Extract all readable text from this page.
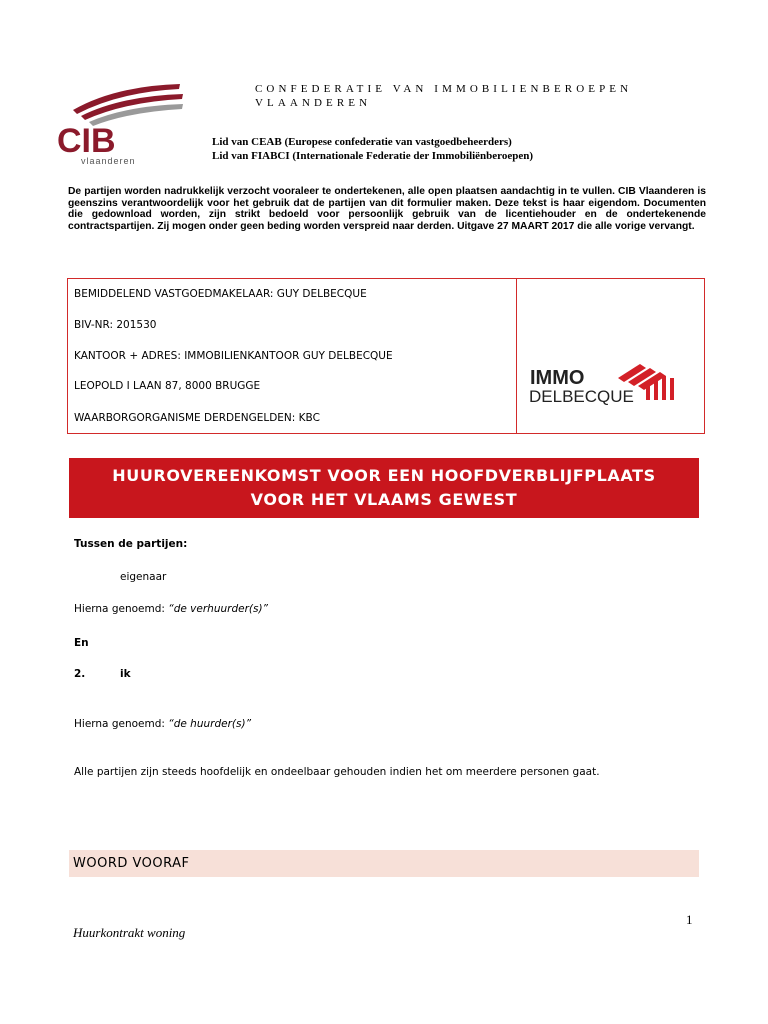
CIB
vlaanderen
CONFEDERATIE VAN IMMOBILIENBEROEPEN
VLAANDEREN
Lid van CEAB (Europese confederatie van vastgoedbeheerders)
Lid van FIABCI (Internationale Federatie der Immobiliënberoepen)
De partijen worden nadrukkelijk verzocht vooraleer te ondertekenen, alle open plaatsen aandachtig in te vullen. CIB Vlaanderen is geenszins verantwoordelijk voor het gebruik dat de partijen van dit formulier maken. Deze tekst is haar eigendom. Documenten die gedownload worden, zijn strikt bedoeld voor persoonlijk gebruik van de licentiehouder en de ondertekenende contractspartijen. Zij mogen onder geen beding worden verspreid naar derden. Uitgave 27 MAART 2017 die alle vorige vervangt.
BEMIDDELEND VASTGOEDMAKELAAR: GUY DELBECQUE
BIV-NR: 201530
KANTOOR + ADRES: IMMOBILIENKANTOOR GUY DELBECQUE
LEOPOLD I LAAN 87, 8000 BRUGGE
WAARBORGORGANISME DERDENGELDEN: KBC
IMMO
DELBECQUE
HUUROVEREENKOMST VOOR EEN HOOFDVERBLIJFPLAATS
VOOR HET VLAAMS GEWEST
Tussen de partijen:
eigenaar
Hierna genoemd: “de verhuurder(s)”
En
2.	ik
Hierna genoemd: “de huurder(s)”
Alle partijen zijn steeds hoofdelijk en ondeelbaar gehouden indien het om meerdere personen gaat.
WOORD VOORAF
1
Huurkontrakt woning
